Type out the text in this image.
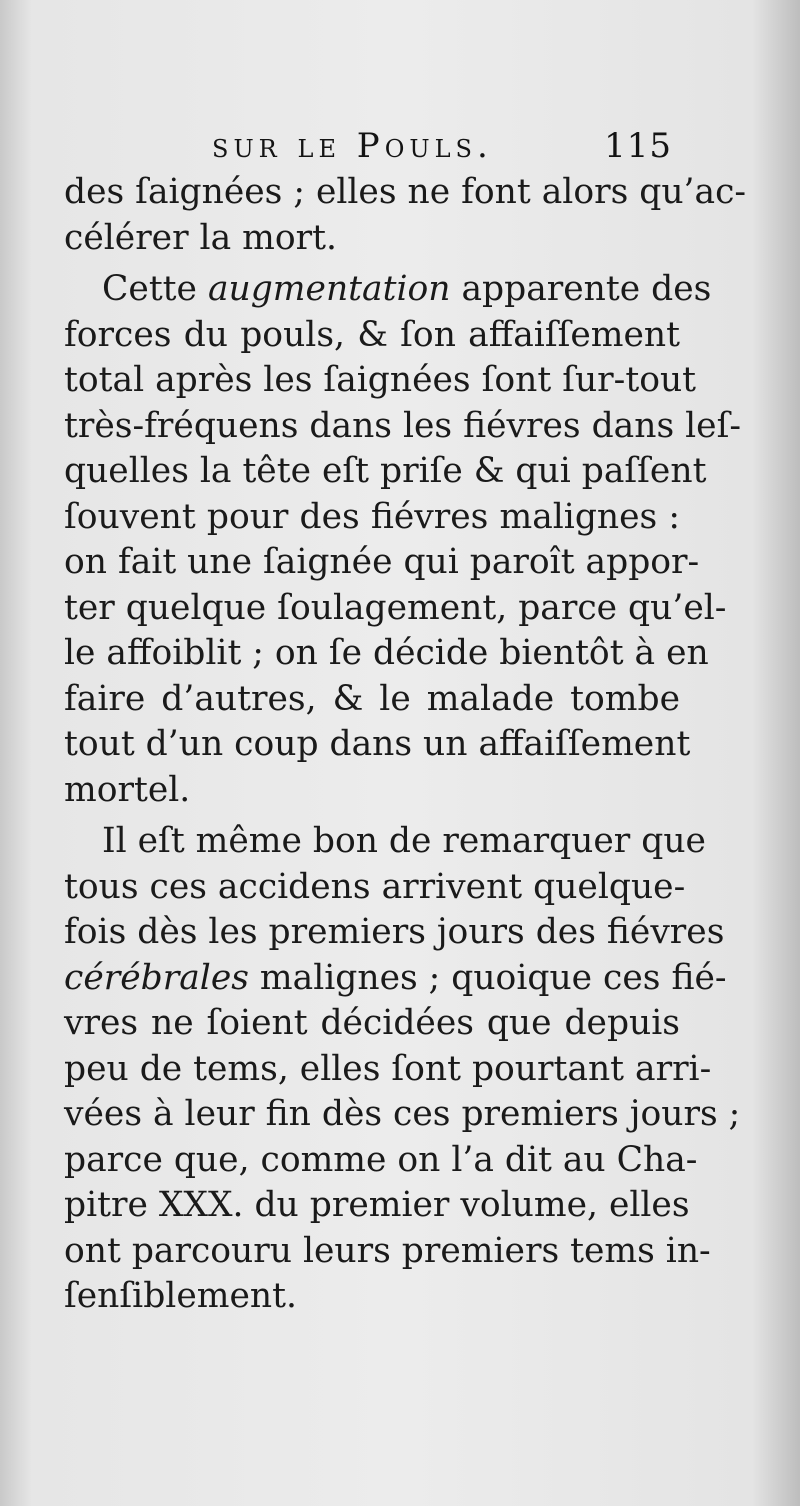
sur le Pouls.	115
des ſaignées ; elles ne font alors qu’ac-
célérer la mort.
Cette augmentation apparente des
forces du pouls, & ſon affaiſſement
total après les ſaignées ſont ſur-tout
très-fréquens dans les fiévres dans leſ-
quelles la tête eſt priſe & qui paſſent
ſouvent pour des fiévres malignes :
on fait une ſaignée qui paroît appor-
ter quelque ſoulagement, parce qu’el-
le affoiblit ; on ſe décide bientôt à en
faire d’autres, & le malade tombe
tout d’un coup dans un affaiſſement
mortel.
Il eſt même bon de remarquer que
tous ces accidens arrivent quelque-
fois dès les premiers jours des fiévres
cérébrales malignes ; quoique ces fié-
vres ne ſoient décidées que depuis
peu de tems, elles ſont pourtant arri-
vées à leur fin dès ces premiers jours ;
parce que, comme on l’a dit au Cha-
pitre XXX. du premier volume, elles
ont parcouru leurs premiers tems in-
ſenſiblement.
